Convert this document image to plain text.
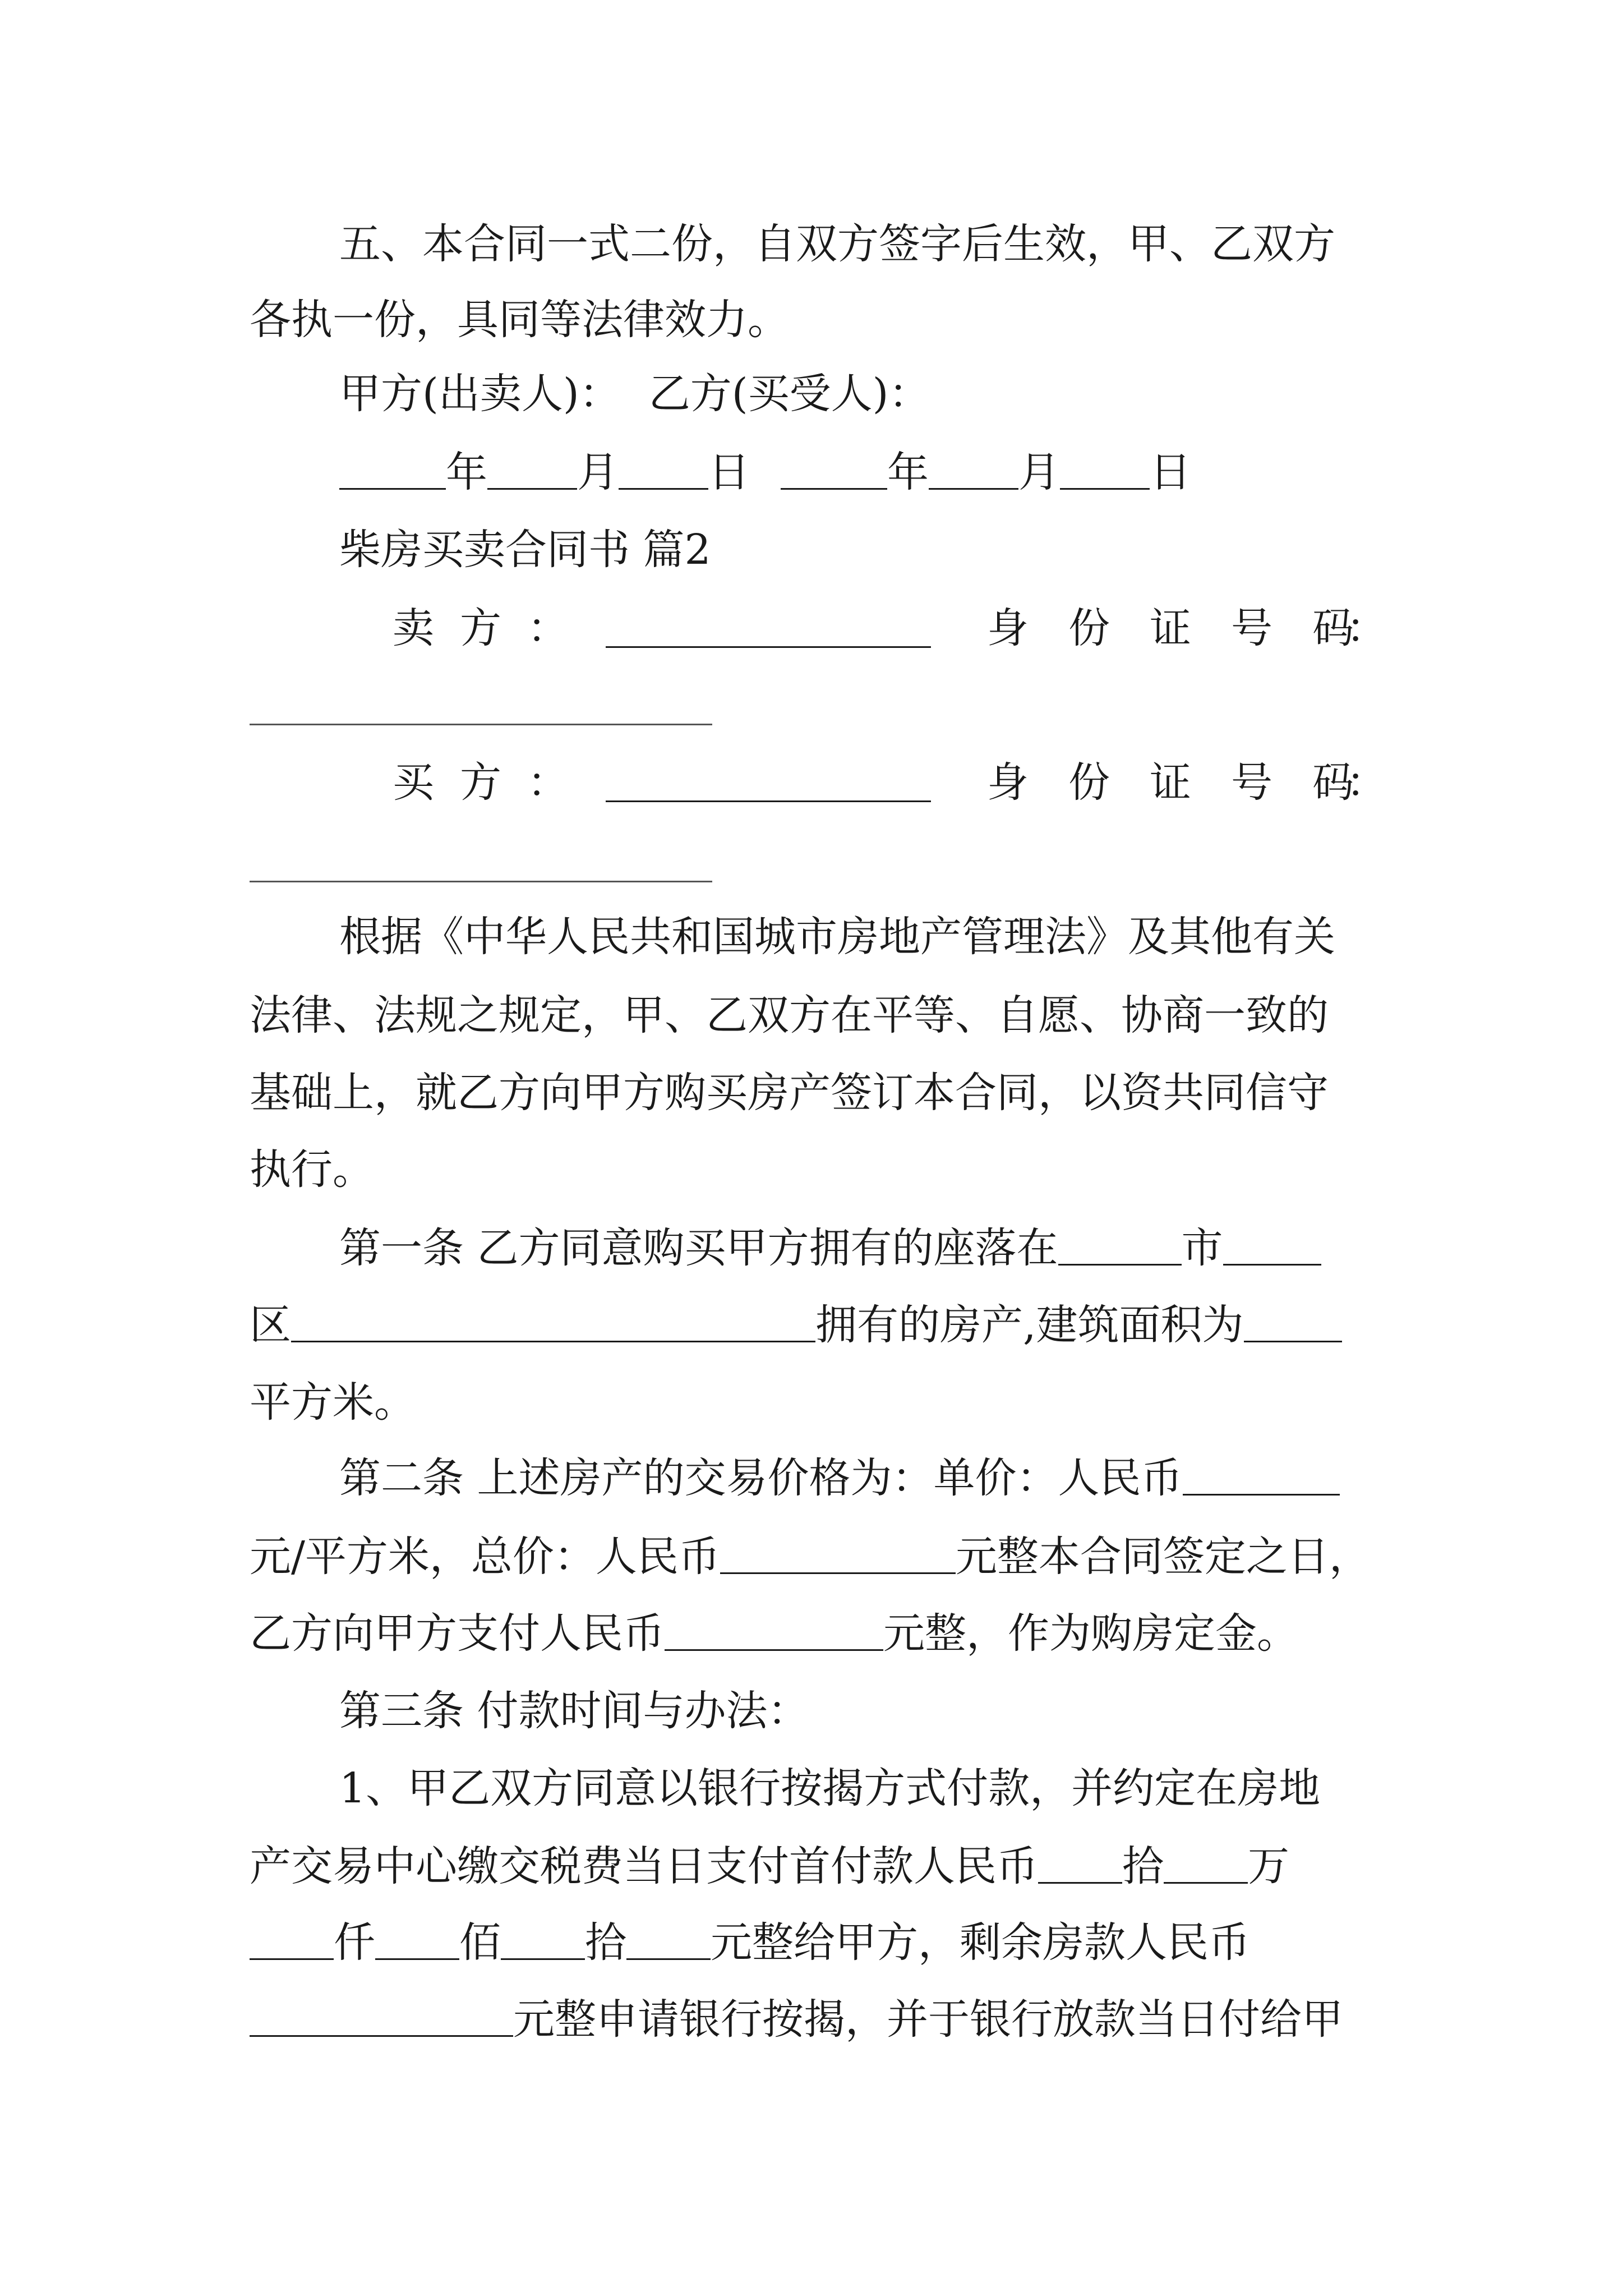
五、本合同一式二份，自双方签字后生效，甲、乙双方
各执一份，具同等法律效力。
甲方(出卖人)： 乙方(买受人)：
年 月 日	年 月 日
柴房买卖合同书 篇2
卖 方 ：	身 份 证 号 码
：
买 方 ：	身 份 证 号 码
：
根据《中华人民共和国城市房地产管理法》及其他有关
法律、法规之规定，甲、乙双方在平等、自愿、协商一致的
基础上，就乙方向甲方购买房产签订本合同，以资共同信守
执行。
第一条 乙方同意购买甲方拥有的座落在	市
区	拥有的房产,建筑面积为
平方米。
第二条 上述房产的交易价格为：单价：人民币
元/平方米，总价：人民币	元整本合同签定之日，
乙方向甲方支付人民币	元整，作为购房定金。
第三条 付款时间与办法：
1、甲乙双方同意以银行按揭方式付款，并约定在房地
产交易中心缴交税费当日支付首付款人民币 拾 万
仟 佰 拾 元整给甲方，剩余房款人民币
元整申请银行按揭，并于银行放款当日付给甲
